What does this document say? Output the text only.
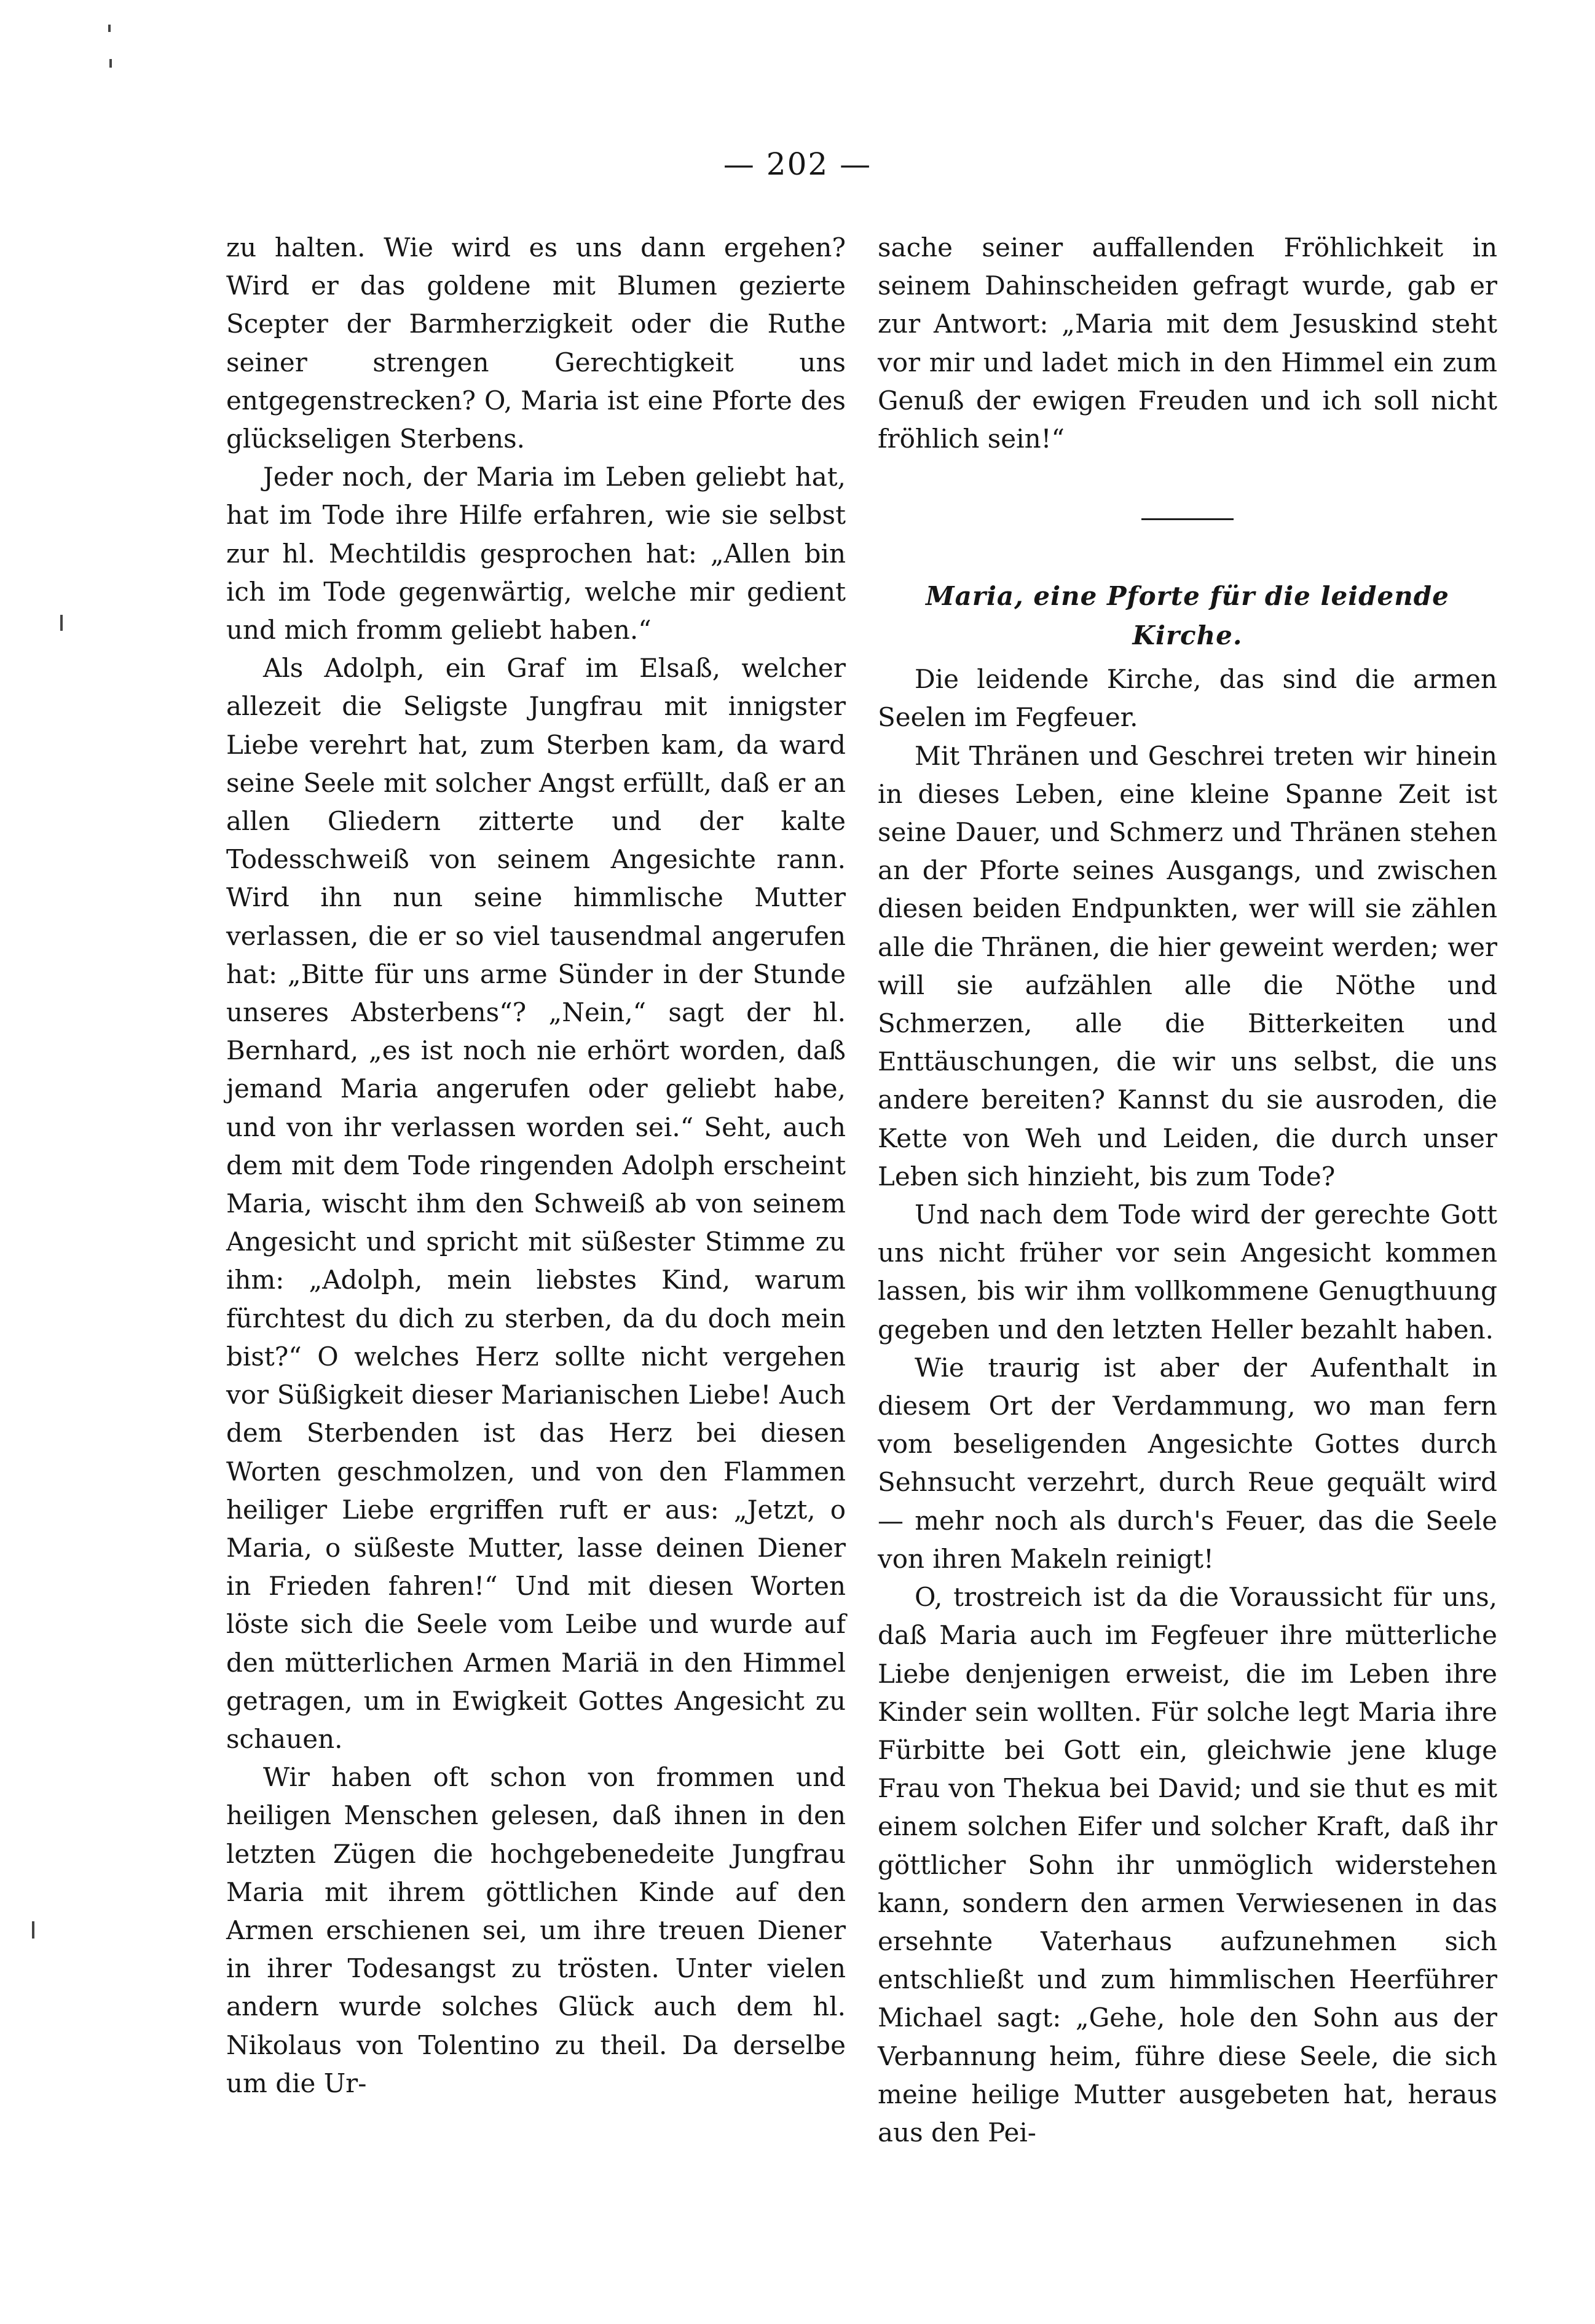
— 202 —

zu halten. Wie wird es uns dann ergehen? Wird er das goldene mit Blumen gezierte Scepter der Barmherzigkeit oder die Ruthe seiner strengen Gerechtigkeit uns entgegenstrecken? O, Maria ist eine Pforte des glückseligen Sterbens.

Jeder noch, der Maria im Leben geliebt hat, hat im Tode ihre Hilfe erfahren, wie sie selbst zur hl. Mechtildis gesprochen hat: „Allen bin ich im Tode gegenwärtig, welche mir gedient und mich fromm geliebt haben.“

Als Adolph, ein Graf im Elsaß, welcher allezeit die Seligste Jungfrau mit innigster Liebe verehrt hat, zum Sterben kam, da ward seine Seele mit solcher Angst erfüllt, daß er an allen Gliedern zitterte und der kalte Todesschweiß von seinem Angesichte rann. Wird ihn nun seine himmlische Mutter verlassen, die er so viel tausendmal angerufen hat: „Bitte für uns arme Sünder in der Stunde unseres Absterbens“? „Nein,“ sagt der hl. Bernhard, „es ist noch nie erhört worden, daß jemand Maria angerufen oder geliebt habe, und von ihr verlassen worden sei.“ Seht, auch dem mit dem Tode ringenden Adolph erscheint Maria, wischt ihm den Schweiß ab von seinem Angesicht und spricht mit süßester Stimme zu ihm: „Adolph, mein liebstes Kind, warum fürchtest du dich zu sterben, da du doch mein bist?“ O welches Herz sollte nicht vergehen vor Süßigkeit dieser Marianischen Liebe! Auch dem Sterbenden ist das Herz bei diesen Worten geschmolzen, und von den Flammen heiliger Liebe ergriffen ruft er aus: „Jetzt, o Maria, o süßeste Mutter, lasse deinen Diener in Frieden fahren!“ Und mit diesen Worten löste sich die Seele vom Leibe und wurde auf den mütterlichen Armen Mariä in den Himmel getragen, um in Ewigkeit Gottes Angesicht zu schauen.

Wir haben oft schon von frommen und heiligen Menschen gelesen, daß ihnen in den letzten Zügen die hochgebenedeite Jungfrau Maria mit ihrem göttlichen Kinde auf den Armen erschienen sei, um ihre treuen Diener in ihrer Todesangst zu trösten. Unter vielen andern wurde solches Glück auch dem hl. Nikolaus von Tolentino zu theil. Da derselbe um die Ur-

sache seiner auffallenden Fröhlichkeit in seinem Dahinscheiden gefragt wurde, gab er zur Antwort: „Maria mit dem Jesuskind steht vor mir und ladet mich in den Himmel ein zum Genuß der ewigen Freuden und ich soll nicht fröhlich sein!“

Maria, eine Pforte für die leidende Kirche.

Die leidende Kirche, das sind die armen Seelen im Fegfeuer.

Mit Thränen und Geschrei treten wir hinein in dieses Leben, eine kleine Spanne Zeit ist seine Dauer, und Schmerz und Thränen stehen an der Pforte seines Ausgangs, und zwischen diesen beiden Endpunkten, wer will sie zählen alle die Thränen, die hier geweint werden; wer will sie aufzählen alle die Nöthe und Schmerzen, alle die Bitterkeiten und Enttäuschungen, die wir uns selbst, die uns andere bereiten? Kannst du sie ausroden, die Kette von Weh und Leiden, die durch unser Leben sich hinzieht, bis zum Tode?

Und nach dem Tode wird der gerechte Gott uns nicht früher vor sein Angesicht kommen lassen, bis wir ihm vollkommene Genugthuung gegeben und den letzten Heller bezahlt haben.

Wie traurig ist aber der Aufenthalt in diesem Ort der Verdammung, wo man fern vom beseligenden Angesichte Gottes durch Sehnsucht verzehrt, durch Reue gequält wird — mehr noch als durch's Feuer, das die Seele von ihren Makeln reinigt!

O, trostreich ist da die Voraussicht für uns, daß Maria auch im Fegfeuer ihre mütterliche Liebe denjenigen erweist, die im Leben ihre Kinder sein wollten. Für solche legt Maria ihre Fürbitte bei Gott ein, gleichwie jene kluge Frau von Thekua bei David; und sie thut es mit einem solchen Eifer und solcher Kraft, daß ihr göttlicher Sohn ihr unmöglich widerstehen kann, sondern den armen Verwiesenen in das ersehnte Vaterhaus aufzunehmen sich entschließt und zum himmlischen Heerführer Michael sagt: „Gehe, hole den Sohn aus der Verbannung heim, führe diese Seele, die sich meine heilige Mutter ausgebeten hat, heraus aus den Pei-
